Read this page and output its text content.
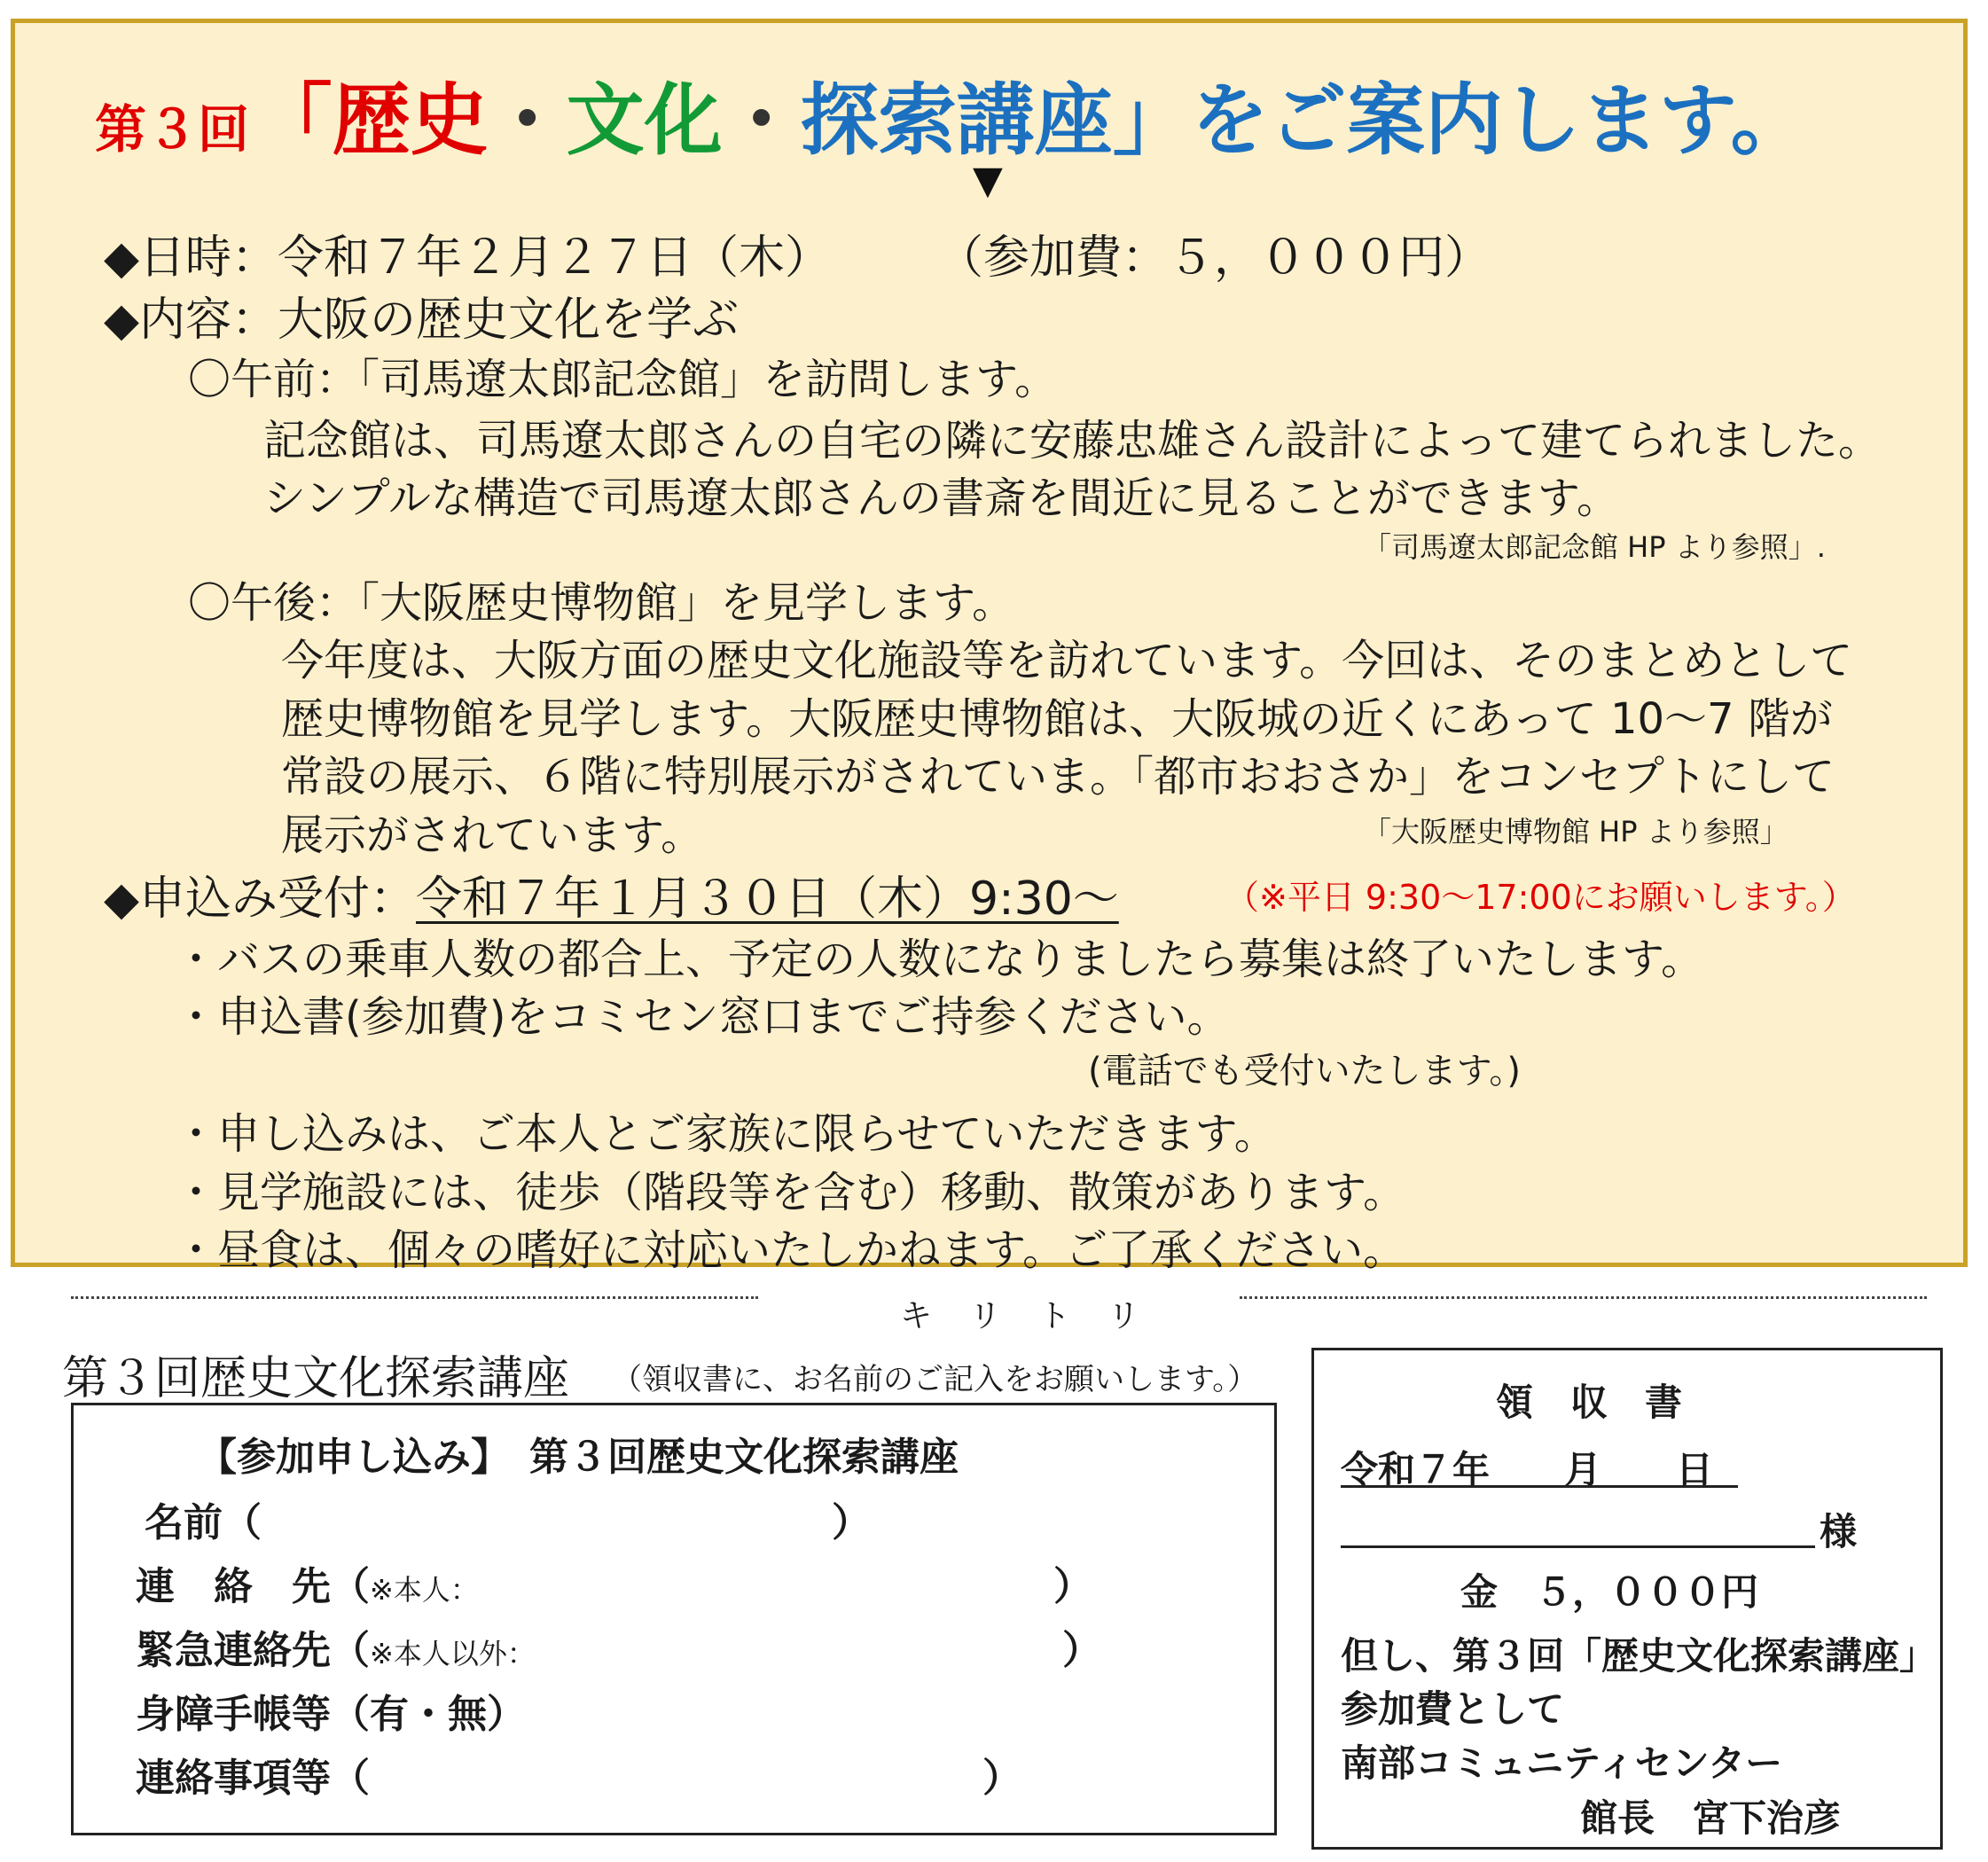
第３回 「歴史・文化・探索講座」をご案内します。
▼
◆日時：令和７年２月２７日（木） （参加費：５，０００円）
◆内容：大阪の歴史文化を学ぶ
〇午前：「司馬遼太郎記念館」を訪問します。
記念館は、司馬遼太郎さんの自宅の隣に安藤忠雄さん設計によって建てられました。
シンプルな構造で司馬遼太郎さんの書斎を間近に見ることができます。
「司馬遼太郎記念館 HP より参照」.
〇午後：「大阪歴史博物館」を見学します。
今年度は、大阪方面の歴史文化施設等を訪れています。今回は、そのまとめとして
歴史博物館を見学します。大阪歴史博物館は、大阪城の近くにあって 10～7 階が
常設の展示、６階に特別展示がされていま。「都市おおさか」をコンセプトにして
展示がされています。	「大阪歴史博物館 HP より参照」
◆申込み受付：令和７年１月３０日（木）9:30～	（※平日 9:30～17:00にお願いします。）
・バスの乗車人数の都合上、予定の人数になりましたら募集は終了いたします。
・申込書(参加費)をコミセン窓口までご持参ください。
(電話でも受付いたします。)
・申し込みは、ご本人とご家族に限らせていただきます。
・見学施設には、徒歩（階段等を含む）移動、散策があります。
・昼食は、個々の嗜好に対応いたしかねます。ご了承ください。
キリトリ
第３回歴史文化探索講座 （領収書に、お名前のご記入をお願いします。）
【参加申し込み】　第３回歴史文化探索講座
名前（	）
連　絡　先（※本人：	）
緊急連絡先（※本人以外：	）
身障手帳等（有・無）
連絡事項等（	）
領　収　書
令和７年　　月　　日
様
金　５，０００円
但し、第３回「歴史文化探索講座」
参加費として
南部コミュニティセンター
館長　宮下治彦
